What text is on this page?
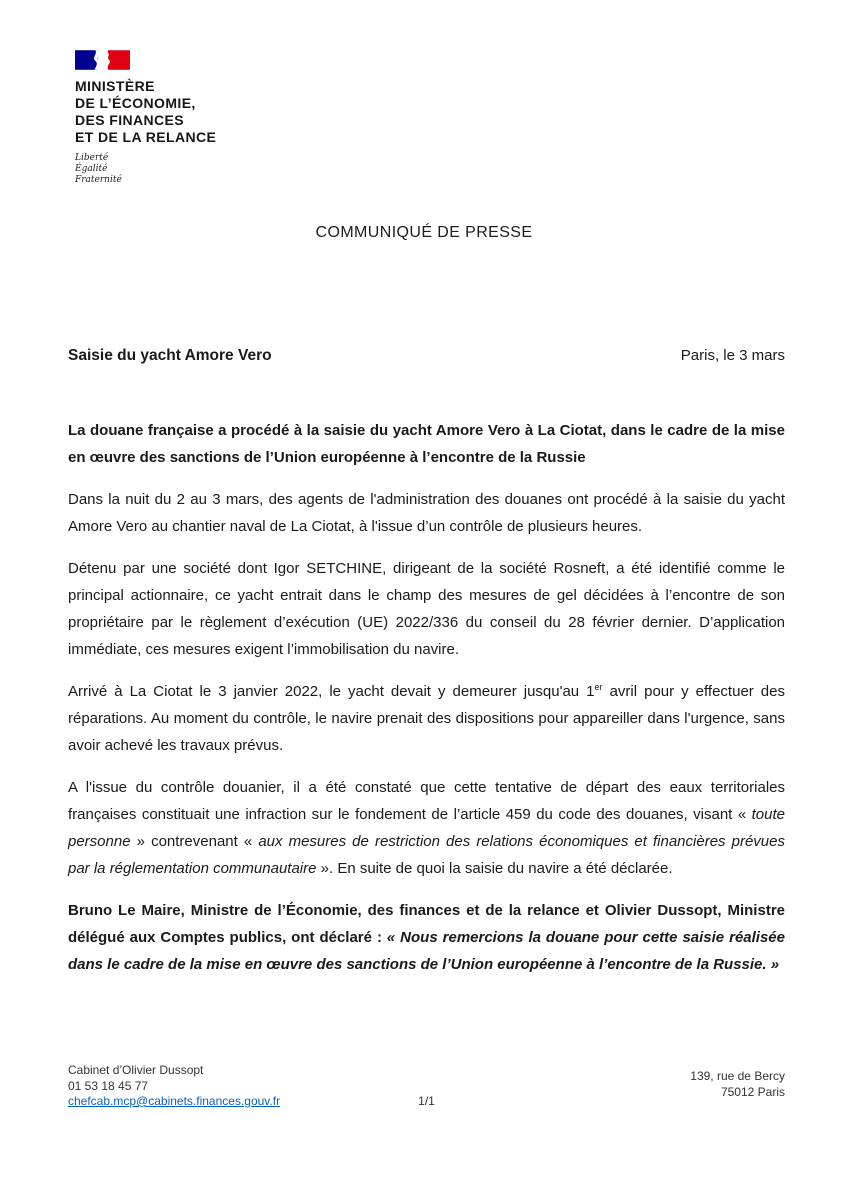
MINISTÈRE
DE L’ÉCONOMIE,
DES FINANCES
ET DE LA RELANCE
Liberté
Égalité
Fraternité
COMMUNIQUÉ DE PRESSE
Saisie du yacht Amore Vero	Paris, le 3 mars

La douane française a procédé à la saisie du yacht Amore Vero à La Ciotat, dans le cadre de la mise en œuvre des sanctions de l’Union européenne à l’encontre de la Russie

Dans la nuit du 2 au 3 mars, des agents de l'administration des douanes ont procédé à la saisie du yacht Amore Vero au chantier naval de La Ciotat, à l'issue d’un contrôle de plusieurs heures.

Détenu par une société dont Igor SETCHINE, dirigeant de la société Rosneft, a été identifié comme le principal actionnaire, ce yacht entrait dans le champ des mesures de gel décidées à l’encontre de son propriétaire par le règlement d’exécution (UE) 2022/336 du conseil du 28 février dernier. D’application immédiate, ces mesures exigent l’immobilisation du navire.

Arrivé à La Ciotat le 3 janvier 2022, le yacht devait y demeurer jusqu'au 1er avril pour y effectuer des réparations. Au moment du contrôle, le navire prenait des dispositions pour appareiller dans l'urgence, sans avoir achevé les travaux prévus.

A l'issue du contrôle douanier, il a été constaté que cette tentative de départ des eaux territoriales françaises constituait une infraction sur le fondement de l’article 459 du code des douanes, visant « toute personne » contrevenant « aux mesures de restriction des relations économiques et financières prévues par la réglementation communautaire ». En suite de quoi la saisie du navire a été déclarée.

Bruno Le Maire, Ministre de l’Économie, des finances et de la relance et Olivier Dussopt, Ministre délégué aux Comptes publics, ont déclaré : « Nous remercions la douane pour cette saisie réalisée dans le cadre de la mise en œuvre des sanctions de l’Union européenne à l’encontre de la Russie. »

Cabinet d’Olivier Dussopt
01 53 18 45 77
chefcab.mcp@cabinets.finances.gouv.fr	1/1
139, rue de Bercy
75012 Paris
